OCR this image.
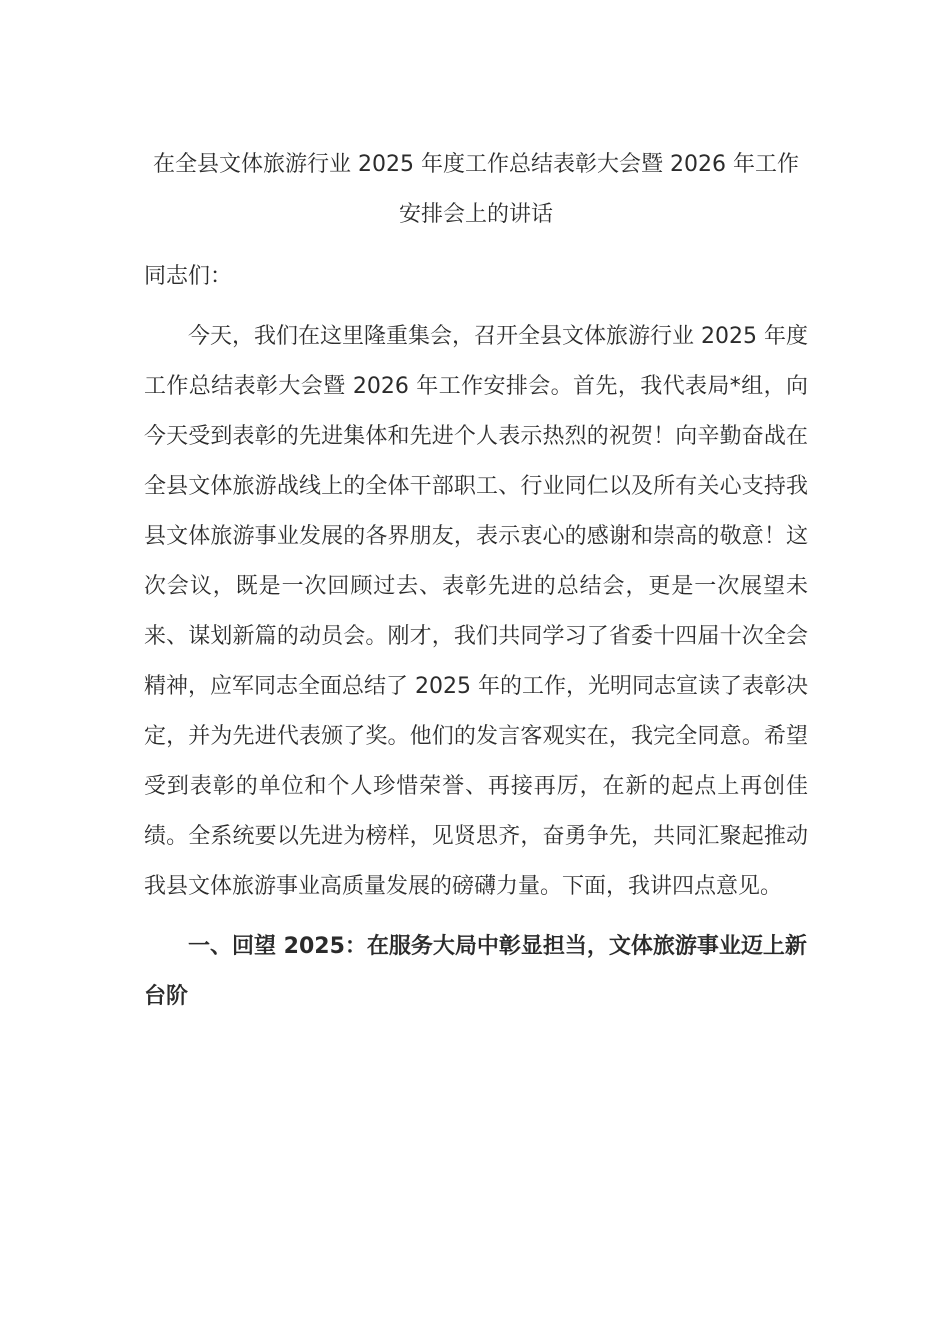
在全县文体旅游行业 2025 年度工作总结表彰大会暨 2026 年工作安排会上的讲话

同志们：

今天，我们在这里隆重集会，召开全县文体旅游行业 2025 年度工作总结表彰大会暨 2026 年工作安排会。首先，我代表局*组，向今天受到表彰的先进集体和先进个人表示热烈的祝贺！向辛勤奋战在全县文体旅游战线上的全体干部职工、行业同仁以及所有关心支持我县文体旅游事业发展的各界朋友，表示衷心的感谢和崇高的敬意！这次会议，既是一次回顾过去、表彰先进的总结会，更是一次展望未来、谋划新篇的动员会。刚才，我们共同学习了省委十四届十次全会精神，应军同志全面总结了 2025 年的工作，光明同志宣读了表彰决定，并为先进代表颁了奖。他们的发言客观实在，我完全同意。希望受到表彰的单位和个人珍惜荣誉、再接再厉，在新的起点上再创佳绩。全系统要以先进为榜样，见贤思齐，奋勇争先，共同汇聚起推动我县文体旅游事业高质量发展的磅礴力量。下面，我讲四点意见。

一、回望 2025：在服务大局中彰显担当，文体旅游事业迈上新台阶
